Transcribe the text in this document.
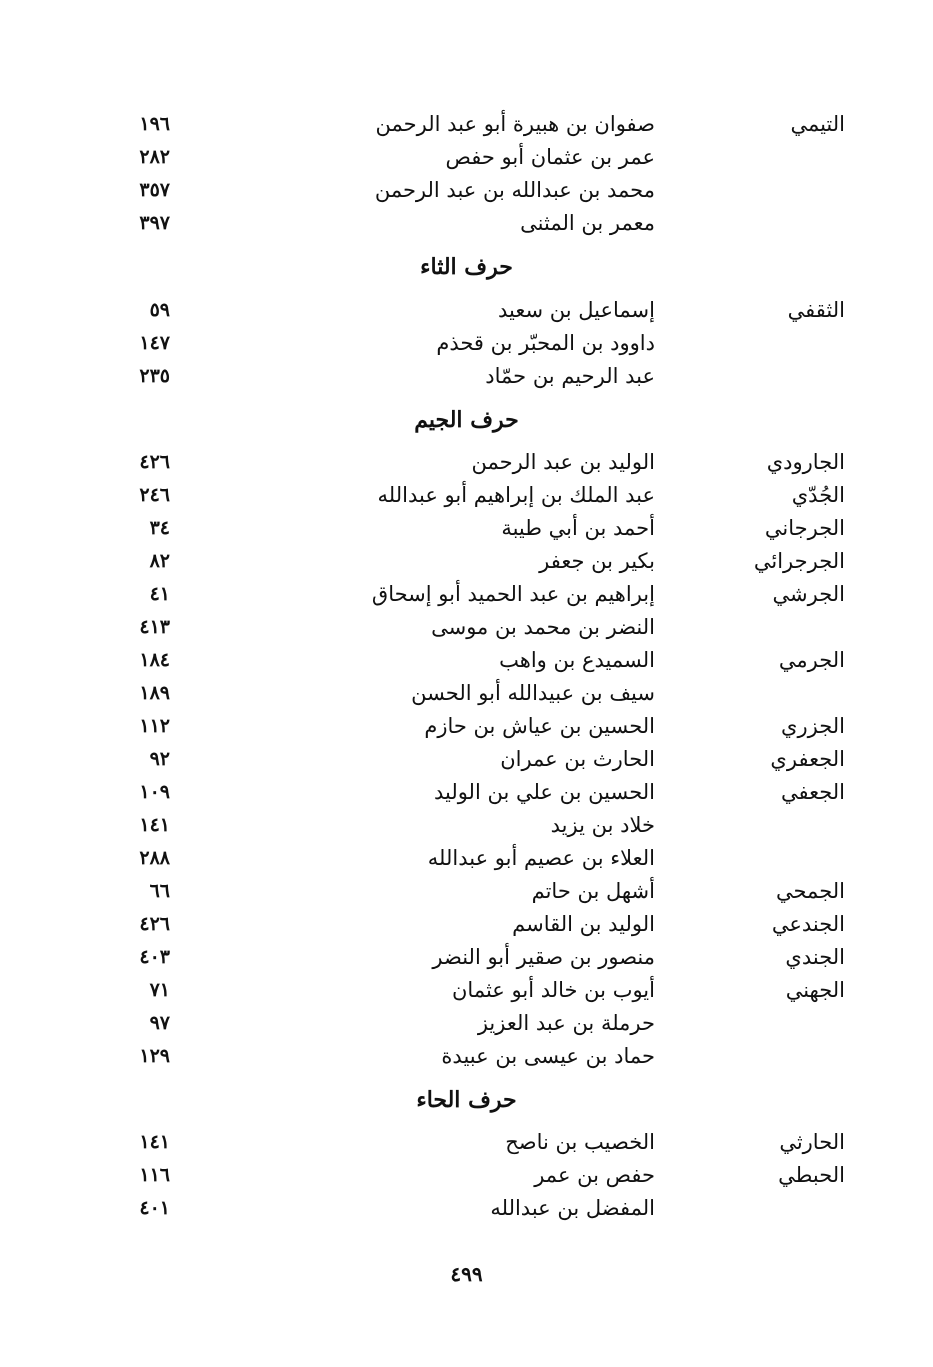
التيمي
صفوان بن هبيرة أبو عبد الرحمن
١٩٦
عمر بن عثمان أبو حفص
٢٨٢
محمد بن عبدالله بن عبد الرحمن
٣٥٧
معمر بن المثنى
٣٩٧
حرف الثاء
الثقفي
إسماعيل بن سعيد
٥٩
داوود بن المحبّر بن قحذم
١٤٧
عبد الرحيم بن حمّاد
٢٣٥
حرف الجيم
الجارودي
الوليد بن عبد الرحمن
٤٢٦
الجُدّي
عبد الملك بن إبراهيم أبو عبدالله
٢٤٦
الجرجاني
أحمد بن أبي طيبة
٣٤
الجرجرائي
بكير بن جعفر
٨٢
الجرشي
إبراهيم بن عبد الحميد أبو إسحاق
٤١
النضر بن محمد بن موسى
٤١٣
الجرمي
السميدع بن واهب
١٨٤
سيف بن عبيدالله أبو الحسن
١٨٩
الجزري
الحسين بن عياش بن حازم
١١٢
الجعفري
الحارث بن عمران
٩٢
الجعفي
الحسين بن علي بن الوليد
١٠٩
خلاد بن يزيد
١٤١
العلاء بن عصيم أبو عبدالله
٢٨٨
الجمحي
أشهل بن حاتم
٦٦
الجندعي
الوليد بن القاسم
٤٢٦
الجندي
منصور بن صقير أبو النضر
٤٠٣
الجهني
أيوب بن خالد أبو عثمان
٧١
حرملة بن عبد العزيز
٩٧
حماد بن عيسى بن عبيدة
١٢٩
حرف الحاء
الحارثي
الخصيب بن ناصح
١٤١
الحبطي
حفص بن عمر
١١٦
المفضل بن عبدالله
٤٠١
٤٩٩
